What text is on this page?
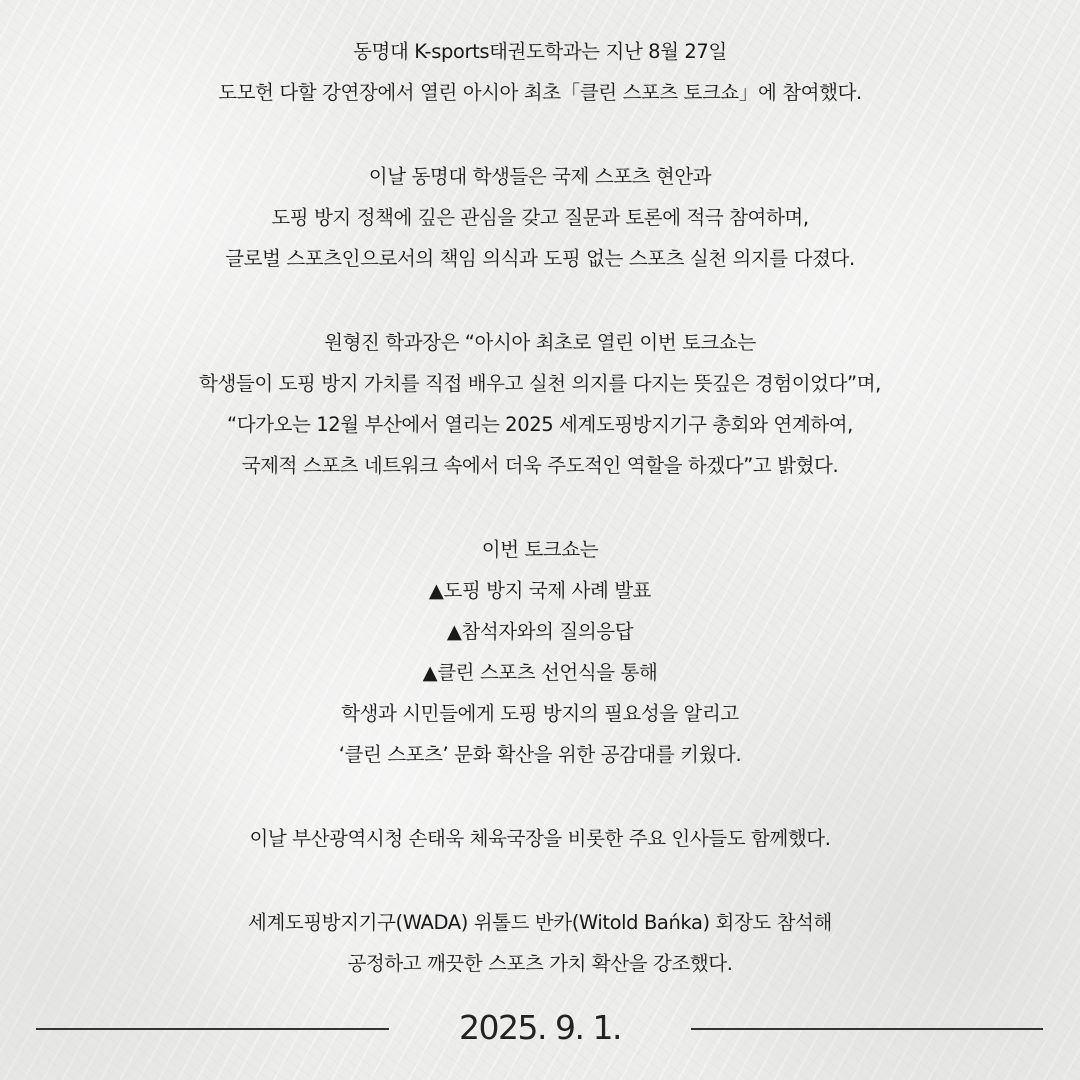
동명대 K-sports태권도학과는 지난 8월 27일
도모헌 다할 강연장에서 열린 아시아 최초「클린 스포츠 토크쇼」에 참여했다.
이날 동명대 학생들은 국제 스포츠 현안과
도핑 방지 정책에 깊은 관심을 갖고 질문과 토론에 적극 참여하며,
글로벌 스포츠인으로서의 책임 의식과 도핑 없는 스포츠 실천 의지를 다졌다.
원형진 학과장은 “아시아 최초로 열린 이번 토크쇼는
학생들이 도핑 방지 가치를 직접 배우고 실천 의지를 다지는 뜻깊은 경험이었다”며,
“다가오는 12월 부산에서 열리는 2025 세계도핑방지기구 총회와 연계하여,
국제적 스포츠 네트워크 속에서 더욱 주도적인 역할을 하겠다”고 밝혔다.
이번 토크쇼는
▲도핑 방지 국제 사례 발표
▲참석자와의 질의응답
▲클린 스포츠 선언식을 통해
학생과 시민들에게 도핑 방지의 필요성을 알리고
‘클린 스포츠’ 문화 확산을 위한 공감대를 키웠다.
이날 부산광역시청 손태욱 체육국장을 비롯한 주요 인사들도 함께했다.
세계도핑방지기구(WADA) 위톨드 반카(Witold Bańka) 회장도 참석해
공정하고 깨끗한 스포츠 가치 확산을 강조했다.
2025. 9. 1.
